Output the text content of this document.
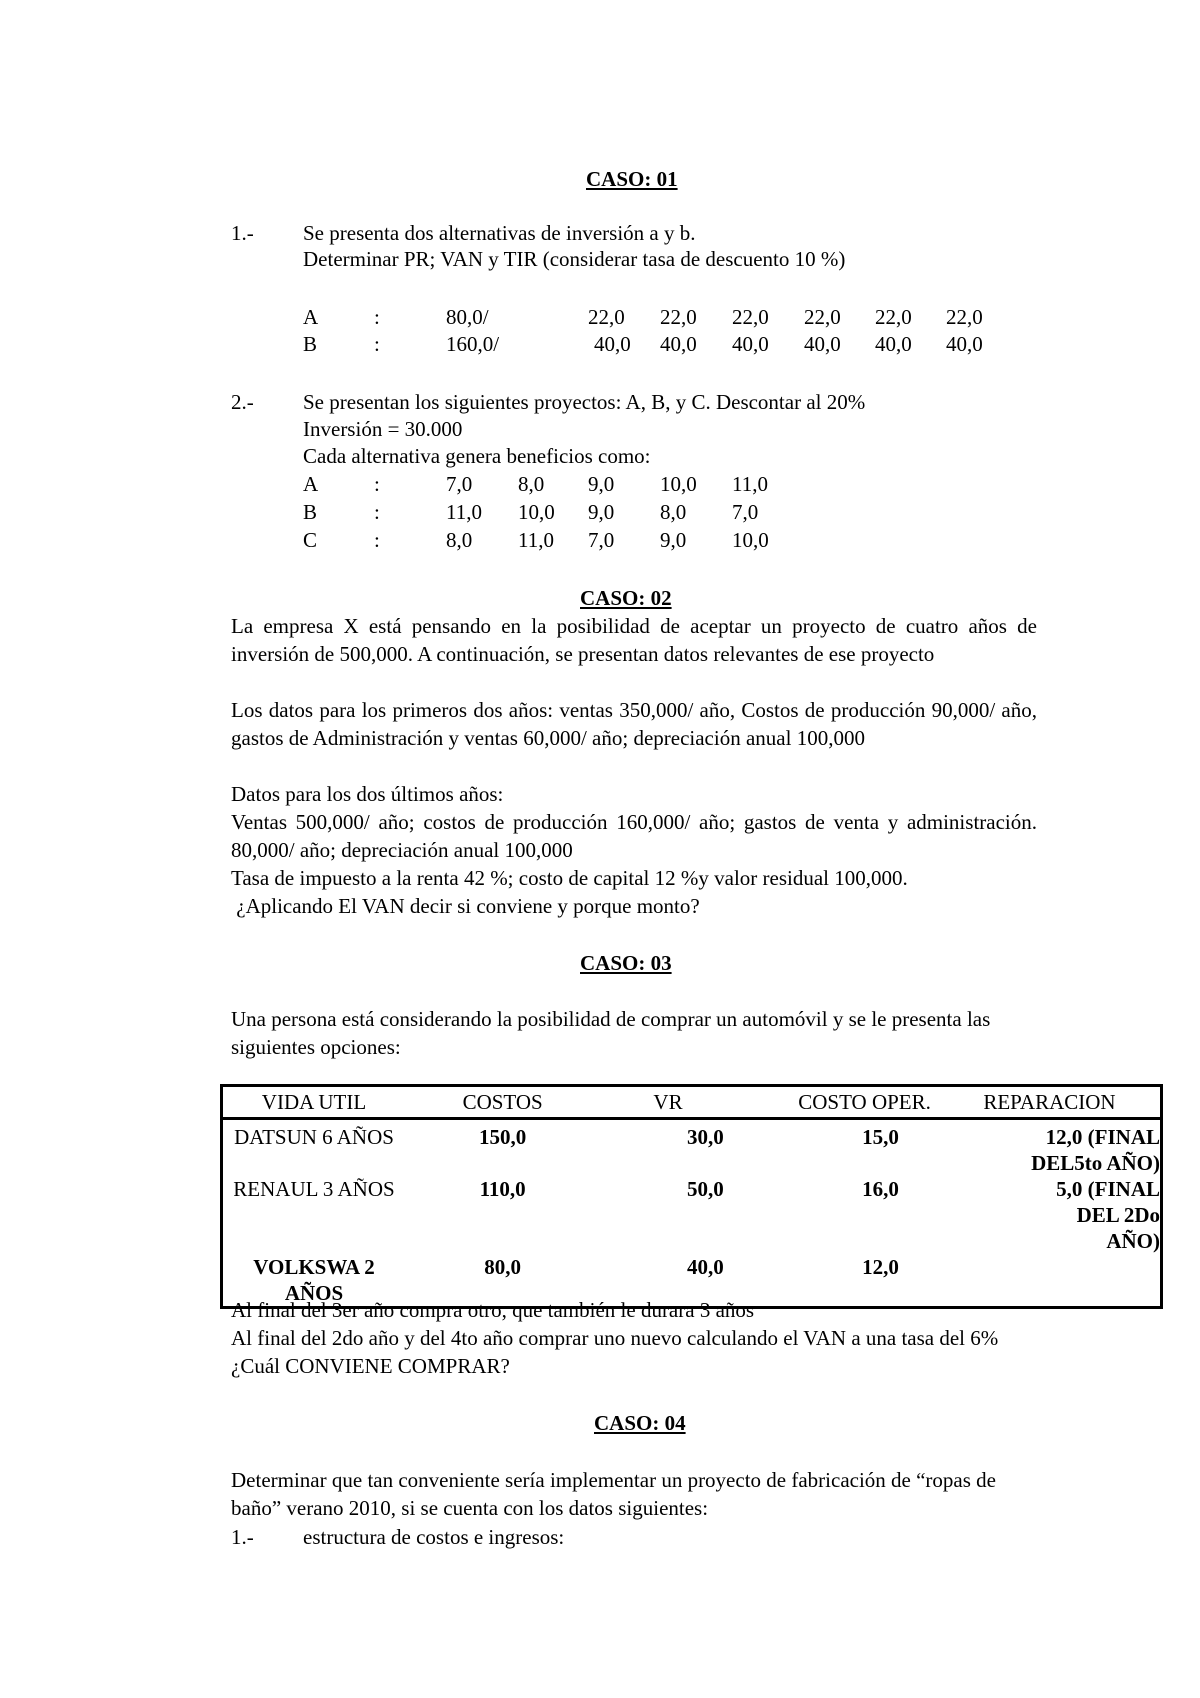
CASO: 01
1.- Se presenta dos alternativas de inversión a y b.
Determinar PR; VAN y TIR (considerar tasa de descuento 10 %)
A	:	80,0/	22,0 22,0 22,0 22,0 22,0 22,0
B	:	160,0/	40,0 40,0 40,0 40,0 40,0 40,0
2.- Se presentan los siguientes proyectos: A, B, y C. Descontar al 20%
Inversión = 30.000
Cada alternativa genera beneficios como:
A	:	7,0 8,0 9,0 10,0 11,0
B	:	11,0 10,0 9,0 8,0 7,0
C	:	8,0 11,0 7,0 9,0 10,0
CASO: 02
La empresa X está pensando en la posibilidad de aceptar un proyecto de cuatro años de inversión de 500,000. A continuación, se presentan datos relevantes de ese proyecto
Los datos para los primeros dos años: ventas 350,000/ año, Costos de producción 90,000/ año, gastos de Administración y ventas 60,000/ año; depreciación anual 100,000
Datos para los dos últimos años:
Ventas 500,000/ año; costos de producción 160,000/ año; gastos de venta y administración. 80,000/ año; depreciación anual 100,000
Tasa de impuesto a la renta 42 %; costo de capital 12 %y valor residual 100,000.
¿Aplicando El VAN decir si conviene y porque monto?
CASO: 03
Una persona está considerando la posibilidad de comprar un automóvil y se le presenta las siguientes opciones:
VIDA UTIL	COSTOS	VR	COSTO OPER.	REPARACION
DATSUN 6 AÑOS	150,0	30,0	15,0	12,0 (FINAL DEL5to AÑO)
RENAUL 3 AÑOS	110,0	50,0	16,0	5,0 (FINAL DEL 2Do AÑO)
VOLKSWA 2 AÑOS	80,0	40,0	12,0	
Al final del 3er año compra otro, que también le durara 3 años
Al final del 2do año y del 4to año comprar uno nuevo calculando el VAN a una tasa del 6% ¿Cuál CONVIENE COMPRAR?
CASO: 04
Determinar que tan conveniente sería implementar un proyecto de fabricación de “ropas de baño” verano 2010, si se cuenta con los datos siguientes:
1.- estructura de costos e ingresos:
